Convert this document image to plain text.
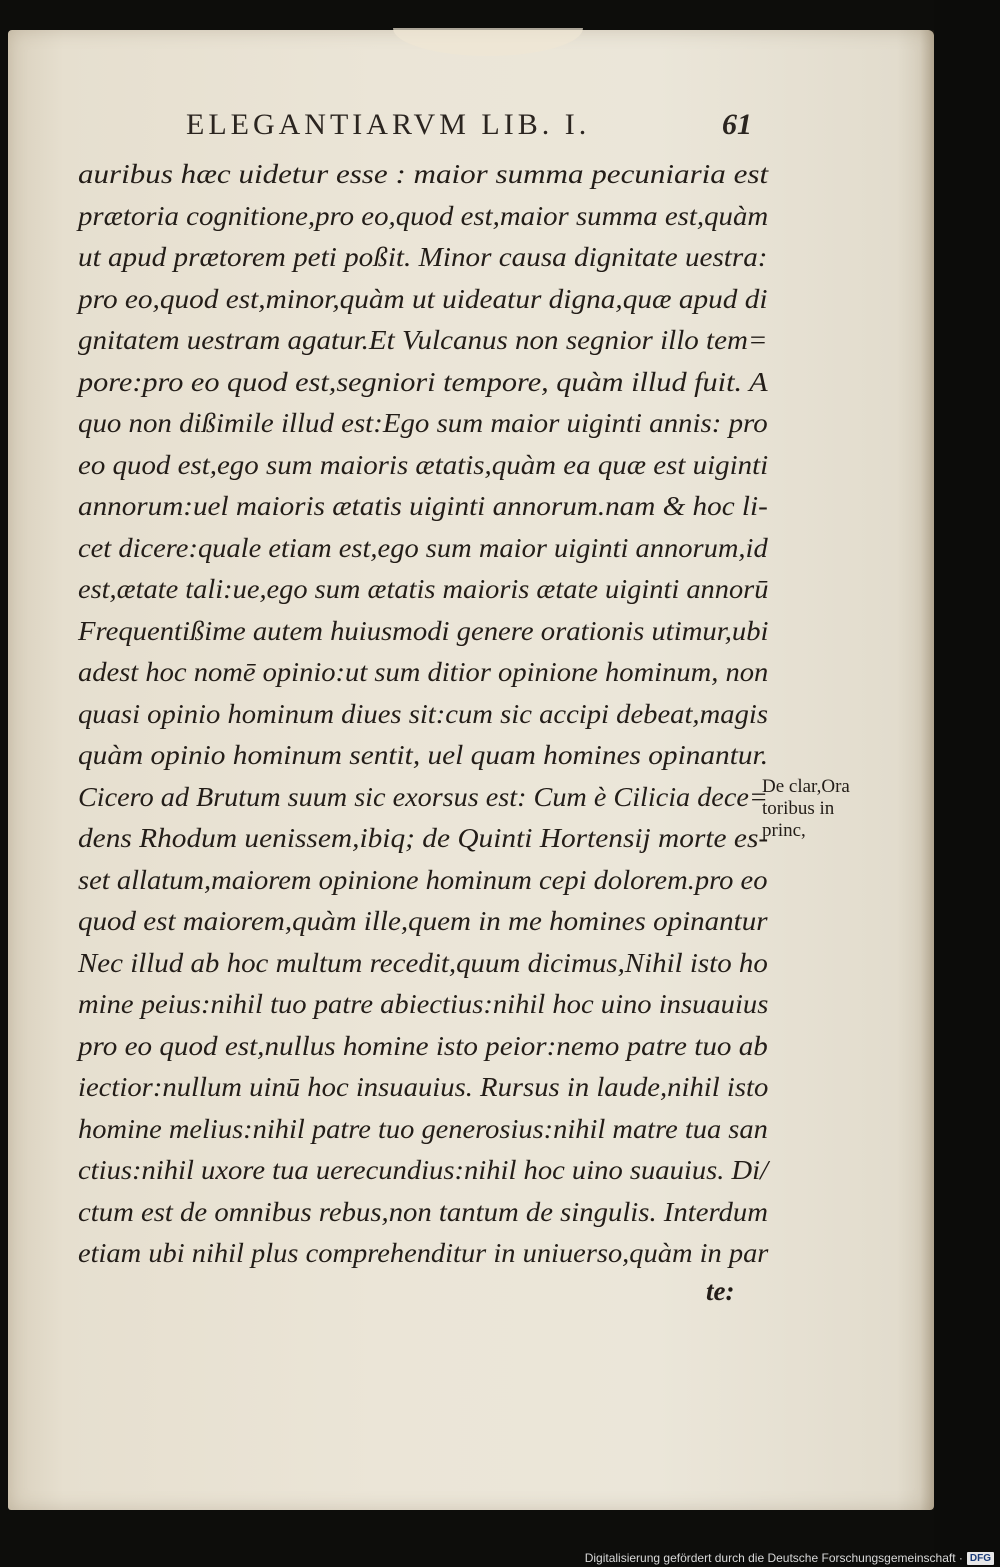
ELEGANTIARVM LIB. I.	61
auribus hæc uidetur esse : maior summa pecuniaria est
prætoria cognitione,pro eo,quod est,maior summa est,quàm
ut apud prætorem peti poßit. Minor causa dignitate uestra:
pro eo,quod est,minor,quàm ut uideatur digna,quæ apud di
gnitatem uestram agatur.Et Vulcanus non segnior illo tem=
pore:pro eo quod est,segniori tempore, quàm illud fuit. A
quo non dißimile illud est:Ego sum maior uiginti annis: pro
eo quod est,ego sum maioris ætatis,quàm ea quæ est uiginti
annorum:uel maioris ætatis uiginti annorum.nam & hoc li-
cet dicere:quale etiam est,ego sum maior uiginti annorum,id
est,ætate tali:ue,ego sum ætatis maioris ætate uiginti annorū
Frequentißime autem huiusmodi genere orationis utimur,ubi
adest hoc nomē opinio:ut sum ditior opinione hominum, non
quasi opinio hominum diues sit:cum sic accipi debeat,magis
quàm opinio hominum sentit, uel quam homines opinantur.
Cicero ad Brutum suum sic exorsus est: Cum è Cilicia dece=
dens Rhodum uenissem,ibiq; de Quinti Hortensij morte es-
set allatum,maiorem opinione hominum cepi dolorem.pro eo
quod est maiorem,quàm ille,quem in me homines opinantur
Nec illud ab hoc multum recedit,quum dicimus,Nihil isto ho
mine peius:nihil tuo patre abiectius:nihil hoc uino insuauius
pro eo quod est,nullus homine isto peior:nemo patre tuo ab
iectior:nullum uinū hoc insuauius. Rursus in laude,nihil isto
homine melius:nihil patre tuo generosius:nihil matre tua san
ctius:nihil uxore tua uerecundius:nihil hoc uino suauius. Di/
ctum est de omnibus rebus,non tantum de singulis. Interdum
etiam ubi nihil plus comprehenditur in uniuerso,quàm in par
te:
De clar,Ora
toribus in
princ,
Digitalisierung gefördert durch die Deutsche Forschungsgemeinschaft · DFG
